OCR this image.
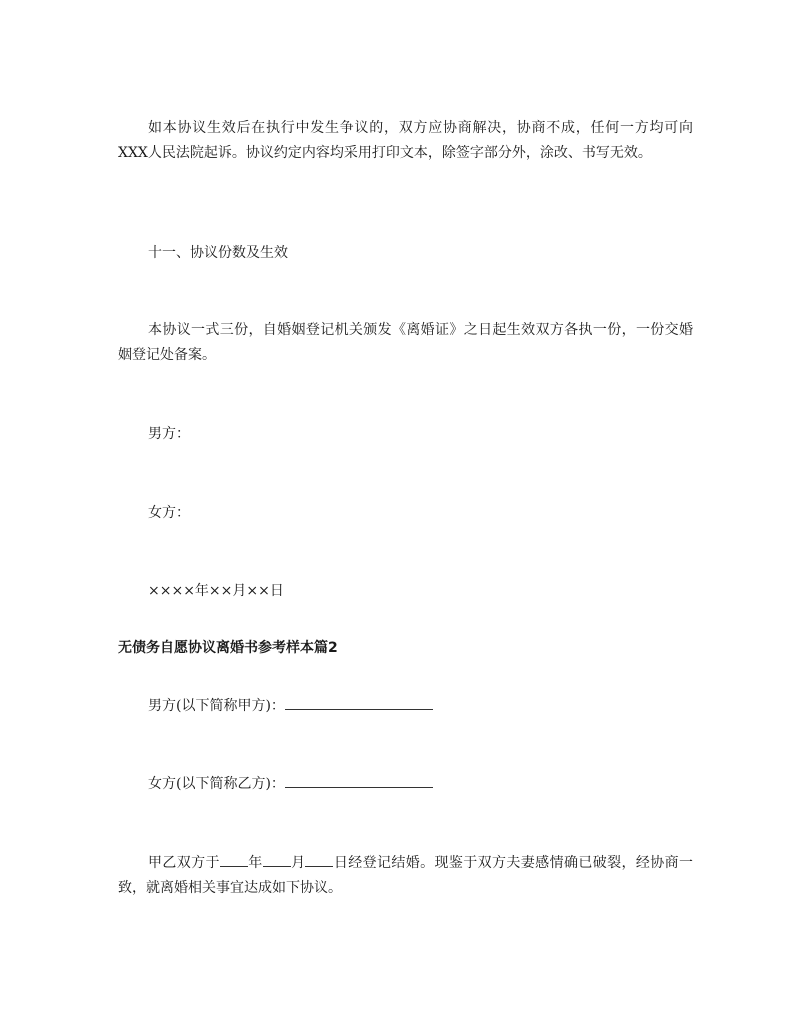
如本协议生效后在执行中发生争议的，双方应协商解决，协商不成，任何一方均可向XXX人民法院起诉。协议约定内容均采用打印文本，除签字部分外，涂改、书写无效。

十一、协议份数及生效

本协议一式三份，自婚姻登记机关颁发《离婚证》之日起生效双方各执一份，一份交婚姻登记处备案。

男方：

女方：

××××年××月××日

无债务自愿协议离婚书参考样本篇2

男方(以下简称甲方)：

女方(以下简称乙方)：

甲乙双方于 年 月 日经登记结婚。现鉴于双方夫妻感情确已破裂，经协商一致，就离婚相关事宜达成如下协议。
